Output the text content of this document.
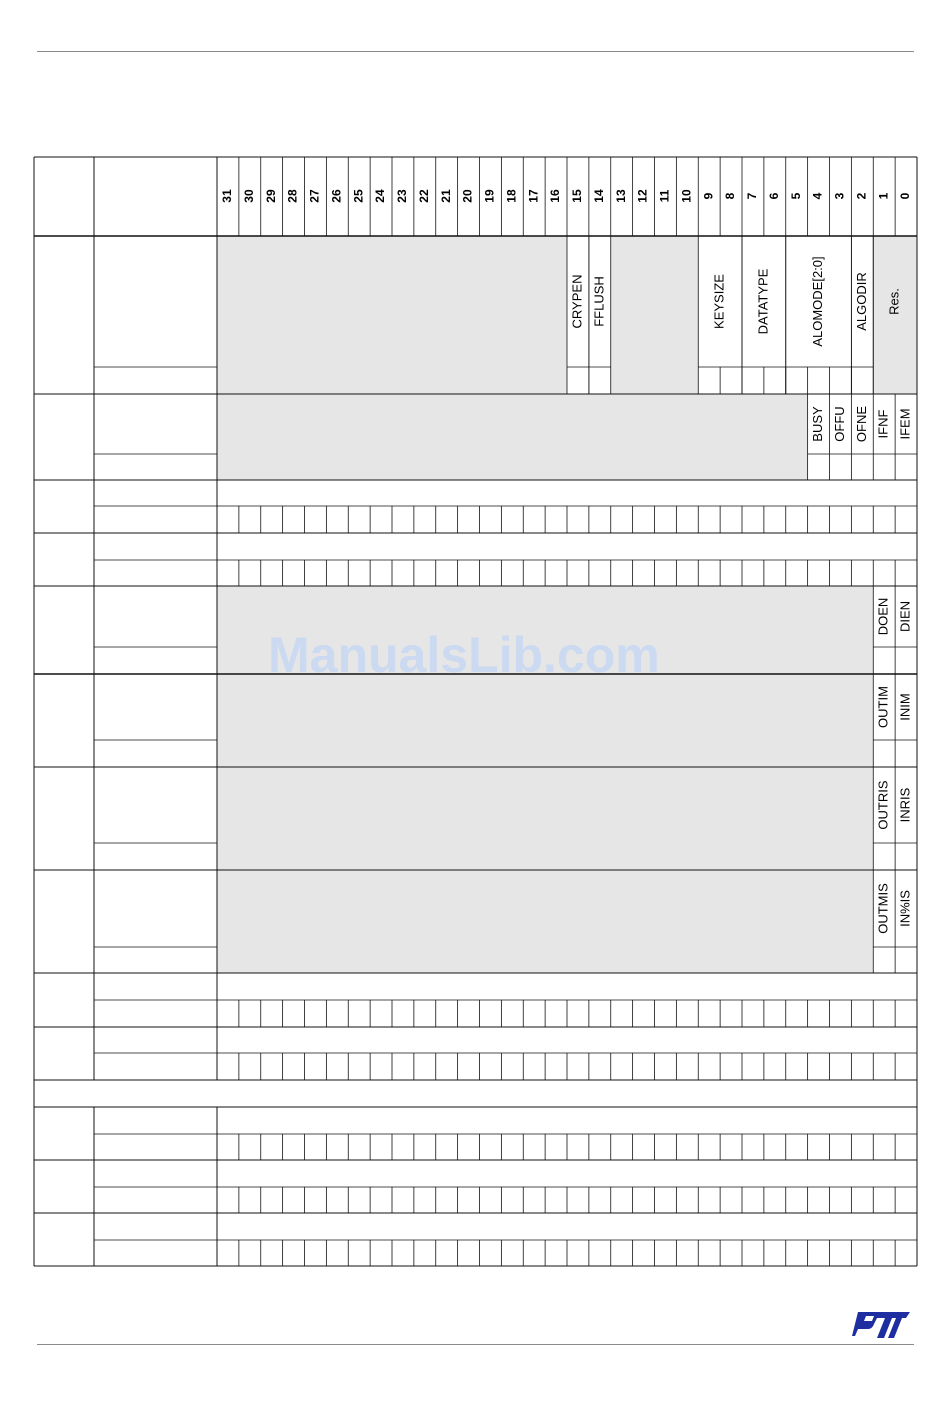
31 30 29 28 27 26 25 24 23 22 21 20 19 18 17 16 15 14 13 12 11 10 9 8 7 6 5 4 3 2 1 0
CRYPEN FFLUSH	KEYSIZE DATATYPE	ALOMODE[2:0] ALGODIR Res.
BUSY OFFU OFNE IFNF IFEM
DOEN DIEN
OUTIM INIM
OUTRIS INRIS
OUTMIS IN%IS
ManualsLib.com
